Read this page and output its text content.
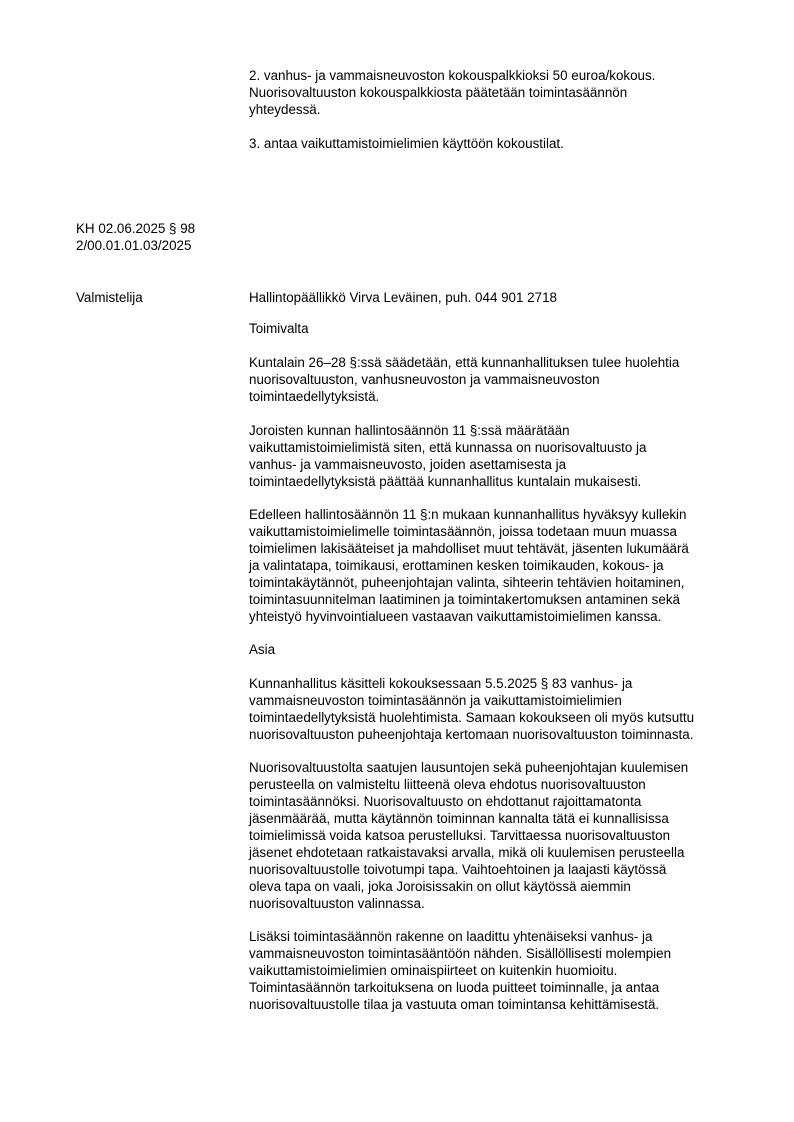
2. vanhus- ja vammaisneuvoston kokouspalkkioksi 50 euroa/kokous.
Nuorisovaltuuston kokouspalkkiosta päätetään toimintasäännön
yhteydessä.
3. antaa vaikuttamistoimielimien käyttöön kokoustilat.
KH 02.06.2025 § 98
2/00.01.01.03/2025
Valmistelija	Hallintopäällikkö Virva Leväinen, puh. 044 901 2718
Toimivalta
Kuntalain 26–28 §:ssä säädetään, että kunnanhallituksen tulee huolehtia
nuorisovaltuuston, vanhusneuvoston ja vammaisneuvoston
toimintaedellytyksistä.
Joroisten kunnan hallintosäännön 11 §:ssä määrätään
vaikuttamistoimielimistä siten, että kunnassa on nuorisovaltuusto ja
vanhus- ja vammaisneuvosto, joiden asettamisesta ja
toimintaedellytyksistä päättää kunnanhallitus kuntalain mukaisesti.
Edelleen hallintosäännön 11 §:n mukaan kunnanhallitus hyväksyy kullekin
vaikuttamistoimielimelle toimintasäännön, joissa todetaan muun muassa
toimielimen lakisääteiset ja mahdolliset muut tehtävät, jäsenten lukumäärä
ja valintatapa, toimikausi, erottaminen kesken toimikauden, kokous- ja
toimintakäytännöt, puheenjohtajan valinta, sihteerin tehtävien hoitaminen,
toimintasuunnitelman laatiminen ja toimintakertomuksen antaminen sekä
yhteistyö hyvinvointialueen vastaavan vaikuttamistoimielimen kanssa.
Asia
Kunnanhallitus käsitteli kokouksessaan 5.5.2025 § 83 vanhus- ja
vammaisneuvoston toimintasäännön ja vaikuttamistoimielimien
toimintaedellytyksistä huolehtimista. Samaan kokoukseen oli myös kutsuttu
nuorisovaltuuston puheenjohtaja kertomaan nuorisovaltuuston toiminnasta.
Nuorisovaltuustolta saatujen lausuntojen sekä puheenjohtajan kuulemisen
perusteella on valmisteltu liitteenä oleva ehdotus nuorisovaltuuston
toimintasäännöksi. Nuorisovaltuusto on ehdottanut rajoittamatonta
jäsenmäärää, mutta käytännön toiminnan kannalta tätä ei kunnallisissa
toimielimissä voida katsoa perustelluksi. Tarvittaessa nuorisovaltuuston
jäsenet ehdotetaan ratkaistavaksi arvalla, mikä oli kuulemisen perusteella
nuorisovaltuustolle toivotumpi tapa. Vaihtoehtoinen ja laajasti käytössä
oleva tapa on vaali, joka Joroisissakin on ollut käytössä aiemmin
nuorisovaltuuston valinnassa.
Lisäksi toimintasäännön rakenne on laadittu yhtenäiseksi vanhus- ja
vammaisneuvoston toimintasääntöön nähden. Sisällöllisesti molempien
vaikuttamistoimielimien ominaispiirteet on kuitenkin huomioitu.
Toimintasäännön tarkoituksena on luoda puitteet toiminnalle, ja antaa
nuorisovaltuustolle tilaa ja vastuuta oman toimintansa kehittämisestä.
